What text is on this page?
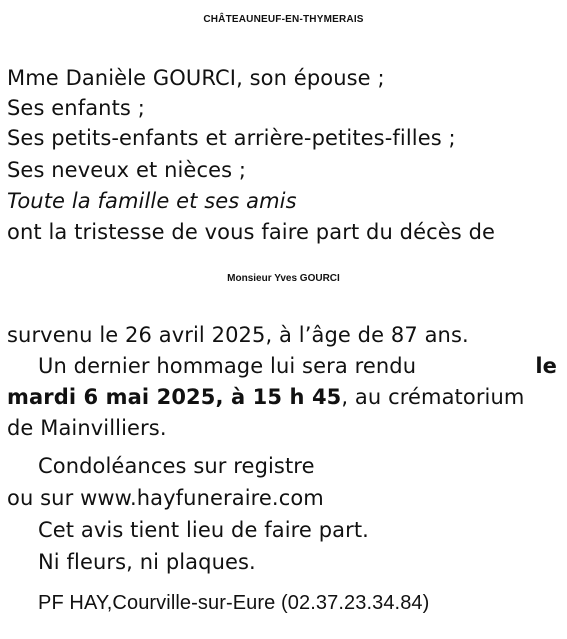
CHÂTEAUNEUF-EN-THYMERAIS
Mme Danièle GOURCI, son épouse ;
Ses enfants ;
Ses petits-enfants et arrière-petites-filles ;
Ses neveux et nièces ;
Toute la famille et ses amis
ont la tristesse de vous faire part du décès de
Monsieur Yves GOURCI
survenu le 26 avril 2025, à l’âge de 87 ans.
Un dernier hommage lui sera rendu	le
mardi 6 mai 2025, à 15 h 45, au crématorium
de Mainvilliers.
Condoléances sur registre
ou sur www.hayfuneraire.com
Cet avis tient lieu de faire part.
Ni fleurs, ni plaques.
PF HAY,Courville-sur-Eure (02.37.23.34.84)
